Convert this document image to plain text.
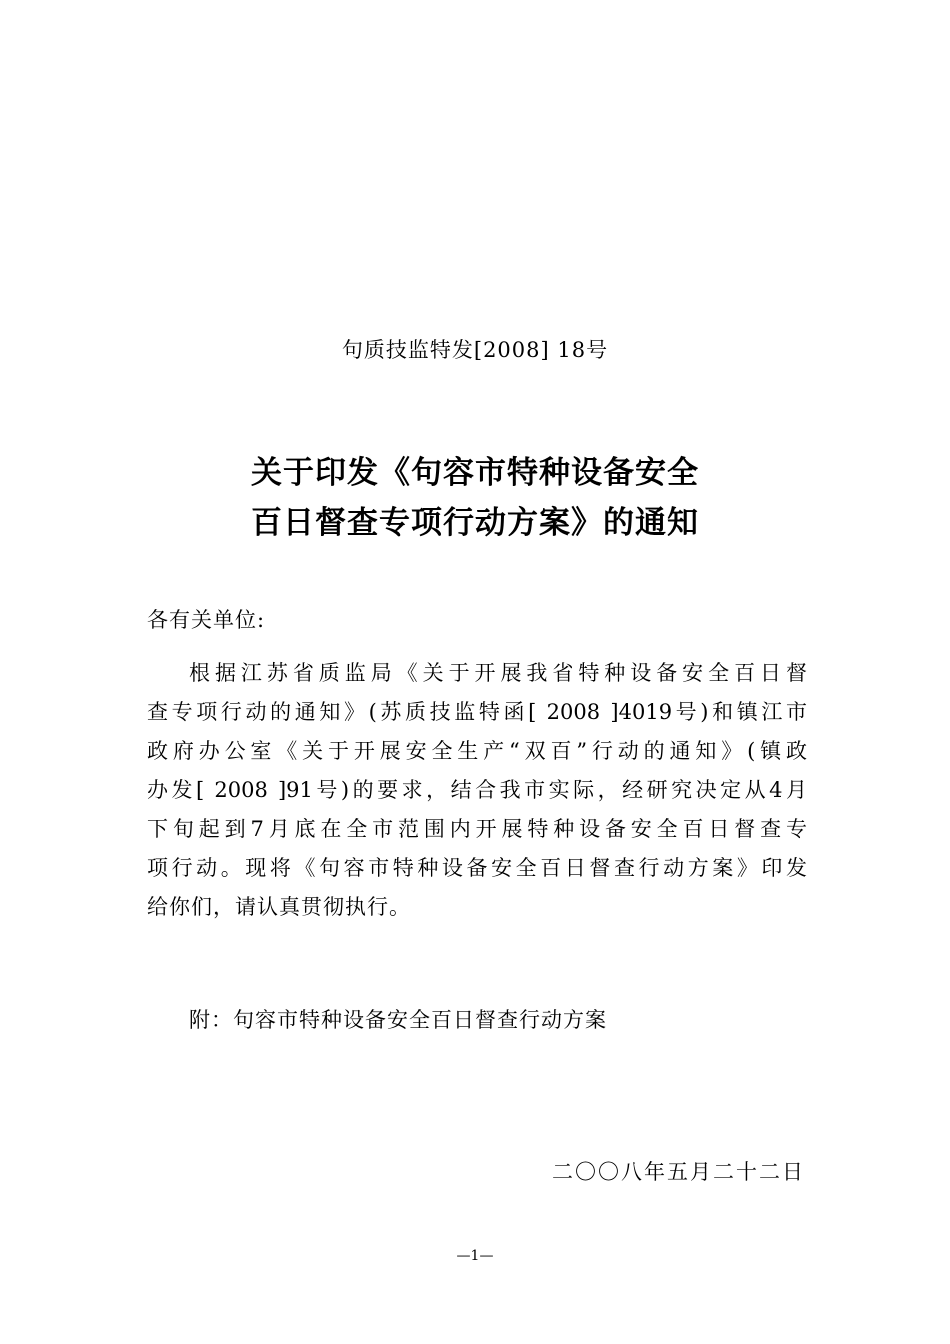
句质技监特发[2008] 18号
关于印发《句容市特种设备安全
百日督查专项行动方案》的通知
各有关单位:
根据江苏省质监局《关于开展我省特种设备安全百日督
查专项行动的通知》(苏质技监特函[ 2008 ]4019号)和镇江市
政府办公室《关于开展安全生产“双百”行动的通知》(镇政
办发[ 2008 ]91号)的要求，结合我市实际，经研究决定从4月
下旬起到7月底在全市范围内开展特种设备安全百日督查专
项行动。现将《句容市特种设备安全百日督查行动方案》印发
给你们，请认真贯彻执行。
附：句容市特种设备安全百日督查行动方案
二〇〇八年五月二十二日
—1—
